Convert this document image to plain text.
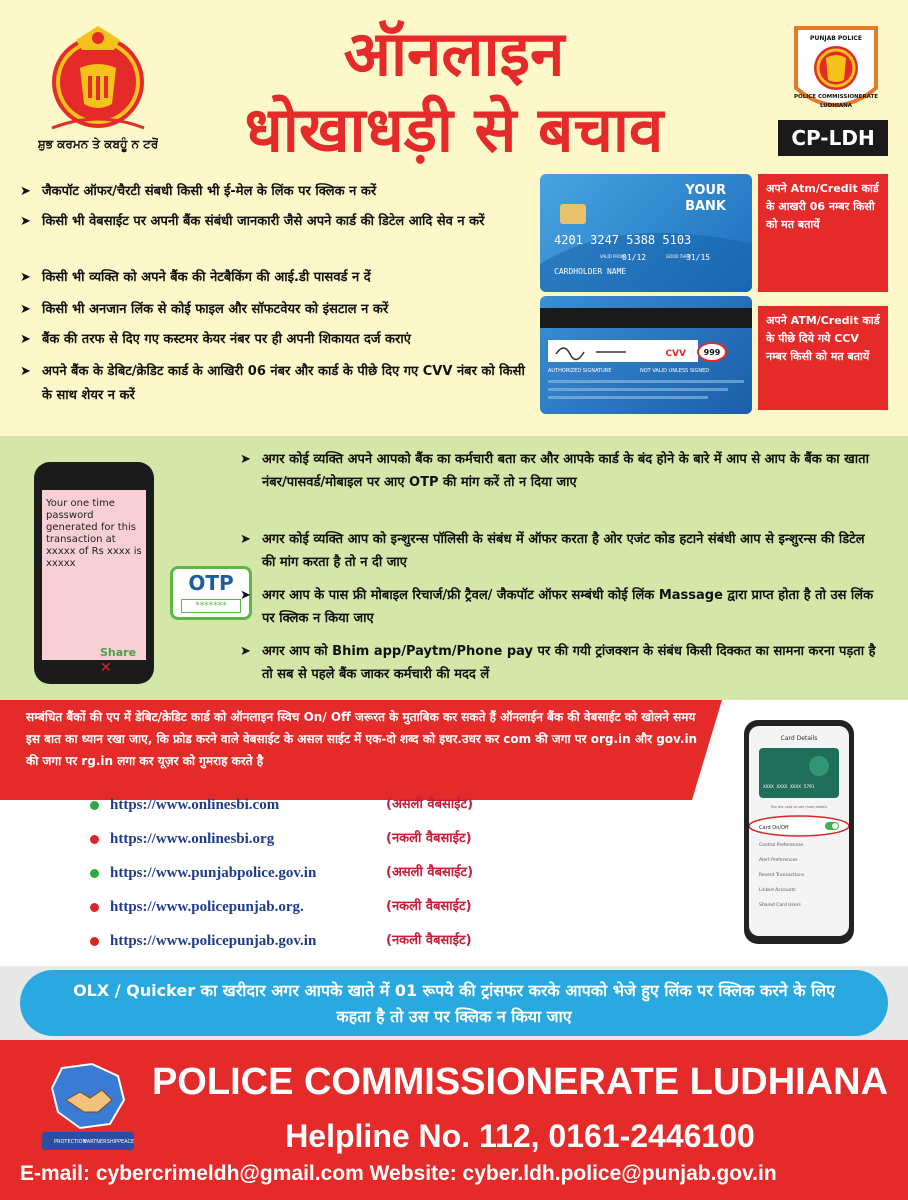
ਸ਼ੁਭ ਕਰਮਨ ਤੇ ਕਬਹੂੰ ਨ ਟਰੋਂ
ऑनलाइन
धोखाधड़ी से बचाव
PUNJAB POLICE
POLICE COMMISSIONERATE
LUDHIANA
CP-LDH
➤ जैकपॉट ऑफर/चैरटी संबधी किसी भी ई-मेल के लिंक पर क्लिक न करें
➤ किसी भी वेबसाईट पर अपनी बैंक संबंधी जानकारी जैसे अपने कार्ड की डिटेल आदि सेव न करें
➤ किसी भी व्यक्ति को अपने बैंक की नेटबैकिंग की आई.डी पासवर्ड न दें
➤ किसी भी अनजान लिंक से कोई फाइल और सॉफटवेयर को इंसटाल न करें
➤ बैंक की तरफ से दिए गए कस्टमर केयर नंबर पर ही अपनी शिकायत दर्ज कराएं
➤ अपने बैंक के डेबिट/क्रेडिट कार्ड के आखिरी 06 नंबर और कार्ड के पीछे दिए गए CVV नंबर को किसी के साथ शेयर न करें
YOUR
BANK
4201 3247 5388 5103
VALID FROM
01/12	GOOD THRU
31/15
CARDHOLDER NAME
CVV 999
AUTHORIZED SIGNATURE	NOT VALID UNLESS SIGNED
अपने Atm/Credit कार्ड के आखरी 06 नम्बर किसी को मत बतायें
अपने ATM/Credit कार्ड के पीछे दिये गये CCV नम्बर किसी को मत बतायें
Your one time password generated for this transaction at xxxxx of Rs xxxx is xxxxx
Share ✕
OTP
*******
➤ अगर कोई व्यक्ति अपने आपको बैंक का कर्मचारी बता कर और आपके कार्ड के बंद होने के बारे में आप से आप के बैंक का खाता नंबर/पासवर्ड/मोबाइल पर आए OTP की मांग करें तो न दिया जाए
➤ अगर कोई व्यक्ति आप को इन्शुरन्स पॉलिसी के संबंध में ऑफर करता है ओर एजंट कोड हटाने संबंधी आप से इन्शुरन्स की डिटेल की मांग करता है तो न दी जाए
➤ अगर आप के पास फ्री मोबाइल रिचार्ज/फ्री ट्रैवल/ जैकपॉट ऑफर सम्बंधी कोई लिंक Massage द्वारा प्राप्त होता है तो उस लिंक पर क्लिक न किया जाए
➤ अगर आप को Bhim app/Paytm/Phone pay पर की गयी ट्रांजक्शन के संबंध किसी दिक्कत का सामना करना पड़ता है तो सब से पहले बैंक जाकर कर्मचारी की मदद लें
सम्बंधित बैंकों की एप में डेबिट/क्रेडिट कार्ड को ऑनलाइन स्विच On/ Off जरूरत के मुताबिक कर सकते हैं ऑनलाईन बैंक की वेबसाईट को खोलने समय इस बात का ध्यान रखा जाए, कि फ्रोड करने वाले वेबसाईट के असल साईट में एक-दो शब्द को इधर.उधर कर com की जगा पर org.in और gov.in की जगा पर rg.in लगा कर यूज़र को गुमराह करते है
https://www.onlinesbi.com	(असली वैबसाईट)
https://www.onlinesbi.org	(नकली वैबसाईट)
https://www.punjabpolice.gov.in	(असली वैबसाईट)
https://www.policepunjab.org.	(नकली वैबसाईट)
https://www.policepunjab.gov.in	(नकली वैबसाईट)
Card Details
XXXX XXXX XXXX 5791
Tap the card to see more details
Card On/Off
Control Preferences
Alert Preferences
Recent Transactions
Linked Accounts
Shared Card Users
OLX / Quicker का खरीदार अगर आपके खाते में 01 रूपये की ट्रांसफर करके आपको भेजे हुए लिंक पर क्लिक करने के लिए कहता है तो उस पर क्लिक न किया जाए
PROTECTION
PARTNERSHIP PEACE
POLICE COMMISSIONERATE LUDHIANA
Helpline No. 112, 0161-2446100
E-mail: cybercrimeldh@gmail.com Website: cyber.ldh.police@punjab.gov.in
